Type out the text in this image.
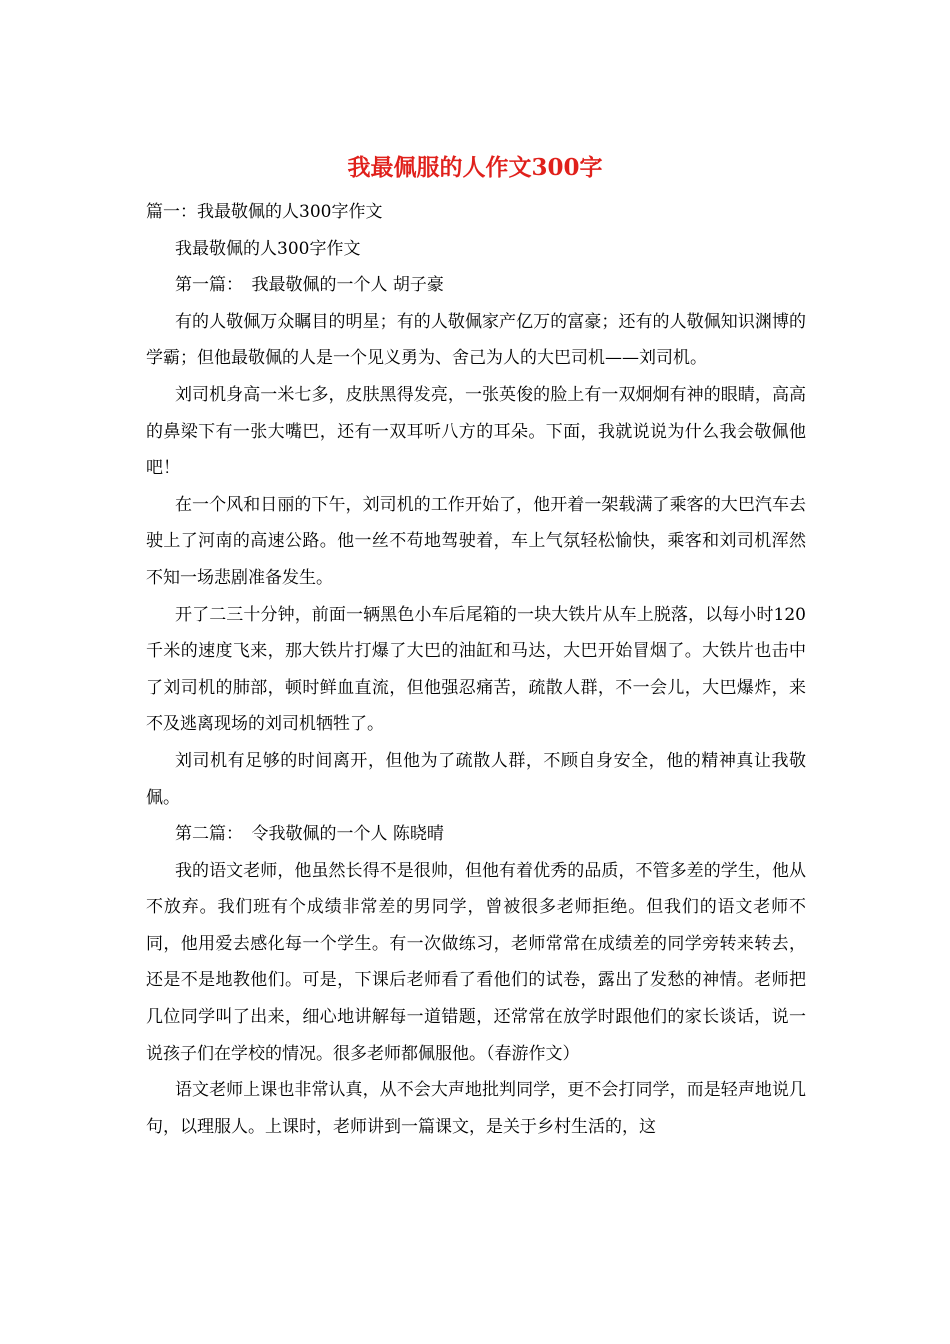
我最佩服的人作文300字

篇一：我最敬佩的人300字作文

我最敬佩的人300字作文

第一篇：　我最敬佩的一个人 胡子豪

有的人敬佩万众瞩目的明星；有的人敬佩家产亿万的富豪；还有的人敬佩知识渊博的学霸；但他最敬佩的人是一个见义勇为、舍己为人的大巴司机——刘司机。

刘司机身高一米七多，皮肤黑得发亮，一张英俊的脸上有一双炯炯有神的眼睛，高高的鼻梁下有一张大嘴巴，还有一双耳听八方的耳朵。下面，我就说说为什么我会敬佩他吧！

在一个风和日丽的下午，刘司机的工作开始了，他开着一架载满了乘客的大巴汽车去驶上了河南的高速公路。他一丝不苟地驾驶着，车上气氛轻松愉快，乘客和刘司机浑然不知一场悲剧准备发生。

开了二三十分钟，前面一辆黑色小车后尾箱的一块大铁片从车上脱落，以每小时120千米的速度飞来，那大铁片打爆了大巴的油缸和马达，大巴开始冒烟了。大铁片也击中了刘司机的肺部，顿时鲜血直流，但他强忍痛苦，疏散人群，不一会儿，大巴爆炸，来不及逃离现场的刘司机牺牲了。

刘司机有足够的时间离开，但他为了疏散人群，不顾自身安全，他的精神真让我敬佩。

第二篇：　令我敬佩的一个人 陈晓晴

我的语文老师，他虽然长得不是很帅，但他有着优秀的品质，不管多差的学生，他从不放弃。我们班有个成绩非常差的男同学，曾被很多老师拒绝。但我们的语文老师不同，他用爱去感化每一个学生。有一次做练习，老师常常在成绩差的同学旁转来转去，还是不是地教他们。可是，下课后老师看了看他们的试卷，露出了发愁的神情。老师把几位同学叫了出来，细心地讲解每一道错题，还常常在放学时跟他们的家长谈话，说一说孩子们在学校的情况。很多老师都佩服他。（春游作文）

语文老师上课也非常认真，从不会大声地批判同学，更不会打同学，而是轻声地说几句，以理服人。上课时，老师讲到一篇课文，是关于乡村生活的，这
